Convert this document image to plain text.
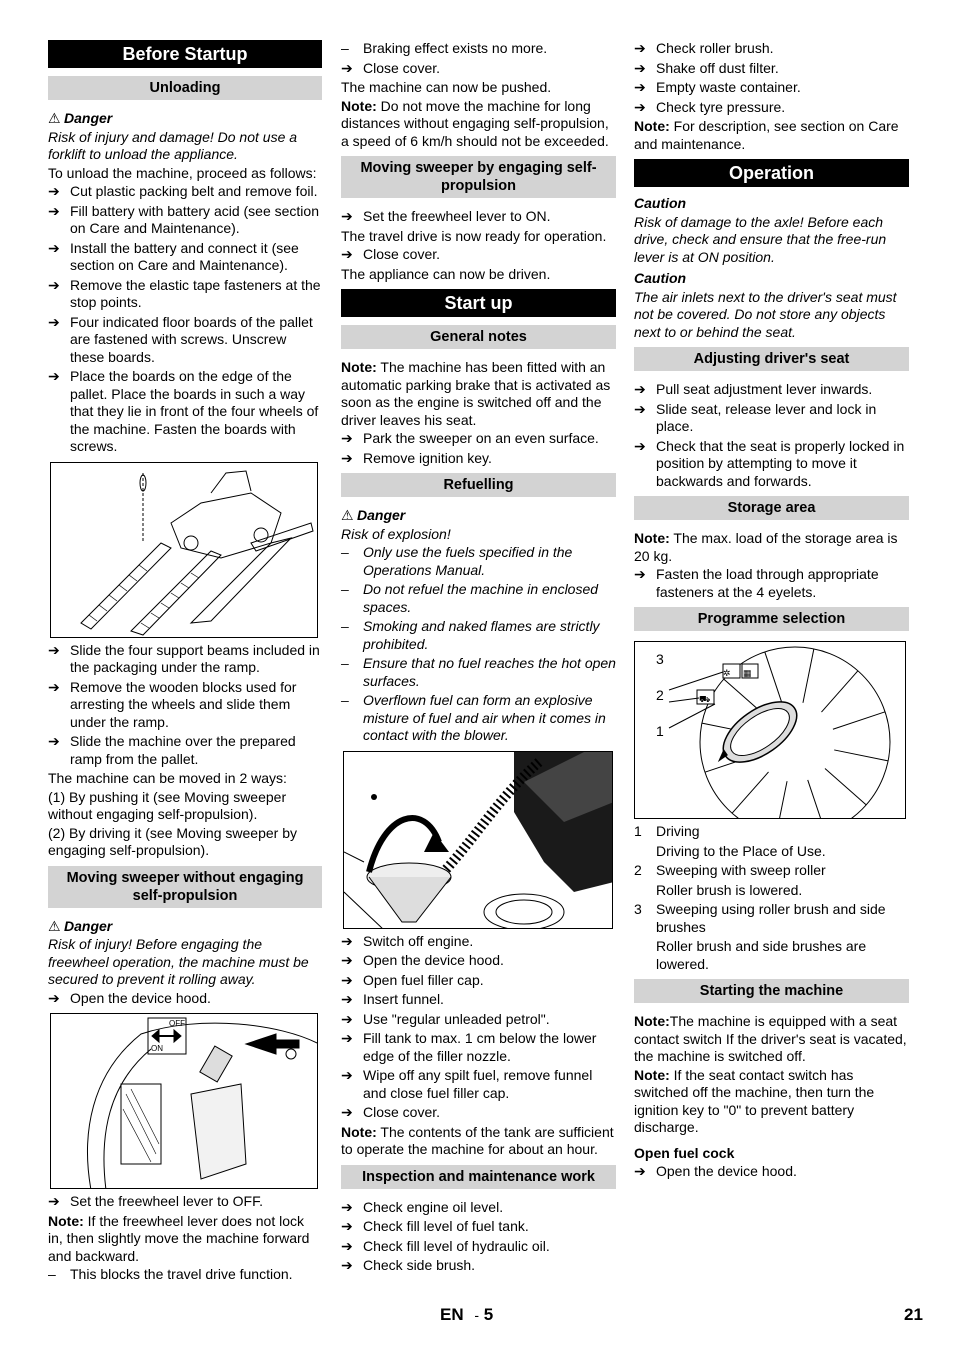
Before Startup
Unloading

⚠ Danger

Risk of injury and damage! Do not use a forklift to unload the appliance.

To unload the machine, proceed as follows:

➔ Cut plastic packing belt and remove foil.
➔ Fill battery with battery acid (see section on Care and Maintenance).
➔ Install the battery and connect it (see section on Care and Maintenance).
➔ Remove the elastic tape fasteners at the stop points.
➔ Four indicated floor boards of the pallet are fastened with screws. Unscrew these boards.
➔ Place the boards on the edge of the pallet. Place the boards in such a way that they lie in front of the four wheels of the machine. Fasten the boards with screws.
➔ Slide the four support beams included in the packaging under the ramp.
➔ Remove the wooden blocks used for arresting the wheels and slide them under the ramp.
➔ Slide the machine over the prepared ramp from the pallet.

The machine can be moved in 2 ways:

(1) By pushing it (see Moving sweeper without engaging self-propulsion).

(2) By driving it (see Moving sweeper by engaging self-propulsion).

Moving sweeper without engaging self-propulsion

⚠ Danger

Risk of injury! Before engaging the freewheel operation, the machine must be secured to prevent it rolling away.

➔ Open the device hood.
OFF
ON
➔ Set the freewheel lever to OFF.

Note: If the freewheel lever does not lock in, then slightly move the machine forward and backward.

–	This blocks the travel drive function.
–	Braking effect exists no more.
➔ Close cover.

The machine can now be pushed.

Note: Do not move the machine for long distances without engaging self-propulsion, a speed of 6 km/h should not be exceeded.

Moving sweeper by engaging self-propulsion
➔ Set the freewheel lever to ON.

The travel drive is now ready for operation.

➔ Close cover.

The appliance can now be driven.

Start up
General notes

Note: The machine has been fitted with an automatic parking brake that is activated as soon as the engine is switched off and the driver leaves his seat.

➔ Park the sweeper on an even surface.
➔ Remove ignition key.
Refuelling

⚠ Danger

Risk of explosion!

–	Only use the fuels specified in the Operations Manual.
–	Do not refuel the machine in enclosed spaces.
–	Smoking and naked flames are strictly prohibited.
–	Ensure that no fuel reaches the hot open surfaces.
–	Overflown fuel can form an explosive misture of fuel and air when it comes in contact with the blower.
➔ Switch off engine.
➔ Open the device hood.
➔ Open fuel filler cap.
➔ Insert funnel.
➔ Use "regular unleaded petrol".
➔ Fill tank to max. 1 cm below the lower edge of the filler nozzle.
➔ Wipe off any spilt fuel, remove funnel and close fuel filler cap.
➔ Close cover.

Note: The contents of the tank are sufficient to operate the machine for about an hour.

Inspection and maintenance work
➔ Check engine oil level.
➔ Check fill level of fuel tank.
➔ Check fill level of hydraulic oil.
➔ Check side brush.
➔ Check roller brush.
➔ Shake off dust filter.
➔ Empty waste container.
➔ Check tyre pressure.

Note: For description, see section on Care and maintenance.

Operation

Caution

Risk of damage to the axle! Before each drive, check and ensure that the free-run lever is at ON position.

Caution

The air inlets next to the driver's seat must not be covered. Do not store any objects next to or behind the seat.

Adjusting driver's seat
➔ Pull seat adjustment lever inwards.
➔ Slide seat, release lever and lock in place.
➔ Check that the seat is properly locked in position by attempting to move it backwards and forwards.
Storage area

Note: The max. load of the storage area is 20 kg.

➔ Fasten the load through appropriate fasteners at the 4 eyelets.
Programme selection
✲ ▦
⛟
3
2
1
1 Driving
Driving to the Place of Use.
2 Sweeping with sweep roller
Roller brush is lowered.
3 Sweeping using roller brush and side brushes
Roller brush and side brushes are lowered.
Starting the machine

Note:The machine is equipped with a seat contact switch If the driver's seat is vacated, the machine is switched off.

Note: If the seat contact switch has switched off the machine, then turn the ignition key to "0" to prevent battery discharge.

Open fuel cock

➔ Open the device hood.
EN - 5	21
